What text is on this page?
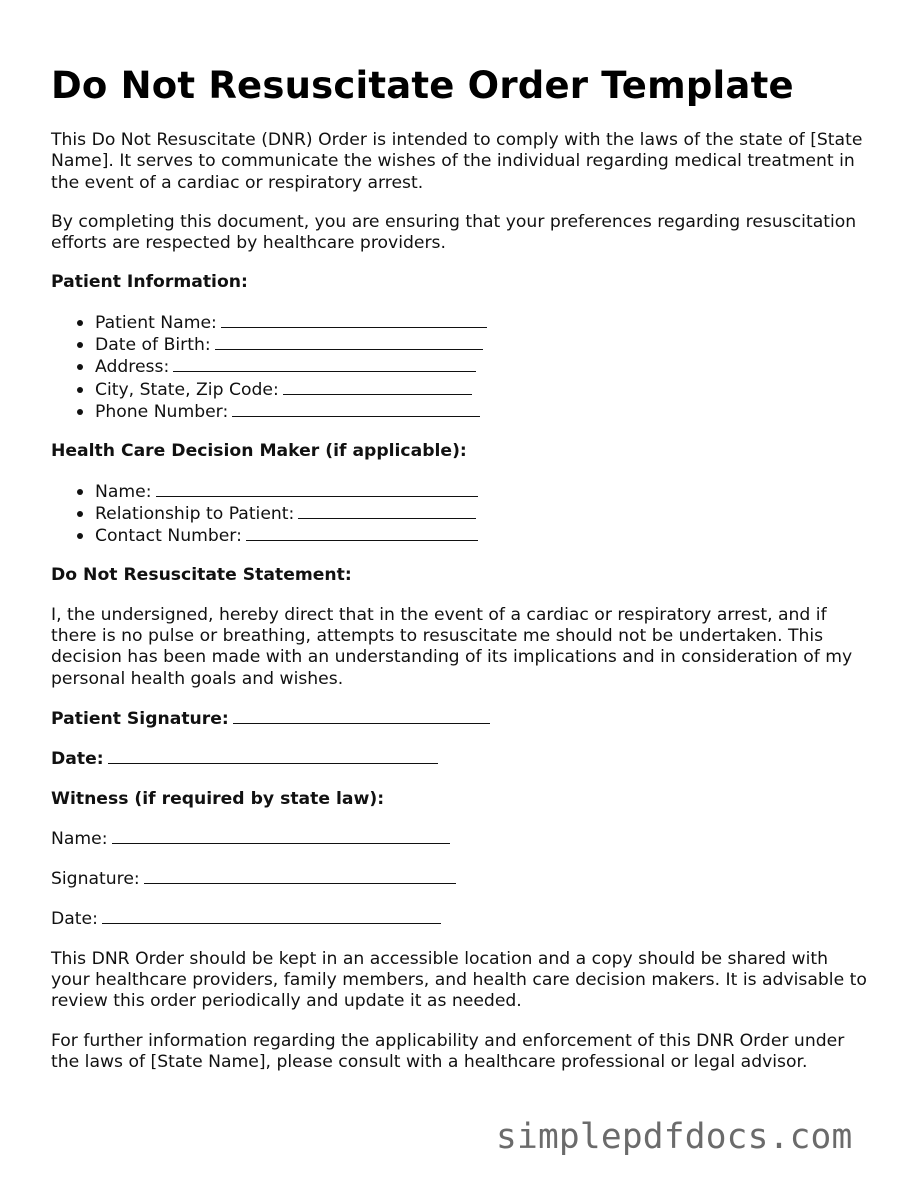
Do Not Resuscitate Order Template

This Do Not Resuscitate (DNR) Order is intended to comply with the laws of the state of [State Name]. It serves to communicate the wishes of the individual regarding medical treatment in the event of a cardiac or respiratory arrest.

By completing this document, you are ensuring that your preferences regarding resuscitation efforts are respected by healthcare providers.

Patient Information:
Patient Name:
Date of Birth:
Address:
City, State, Zip Code:
Phone Number:
Health Care Decision Maker (if applicable):
Name:
Relationship to Patient:
Contact Number:
Do Not Resuscitate Statement:

I, the undersigned, hereby direct that in the event of a cardiac or respiratory arrest, and if there is no pulse or breathing, attempts to resuscitate me should not be undertaken. This decision has been made with an understanding of its implications and in consideration of my personal health goals and wishes.

Patient Signature:
Date:
Witness (if required by state law):
Name:
Signature:
Date:

This DNR Order should be kept in an accessible location and a copy should be shared with your healthcare providers, family members, and health care decision makers. It is advisable to review this order periodically and update it as needed.

For further information regarding the applicability and enforcement of this DNR Order under the laws of [State Name], please consult with a healthcare professional or legal advisor.

simplepdfdocs.com
